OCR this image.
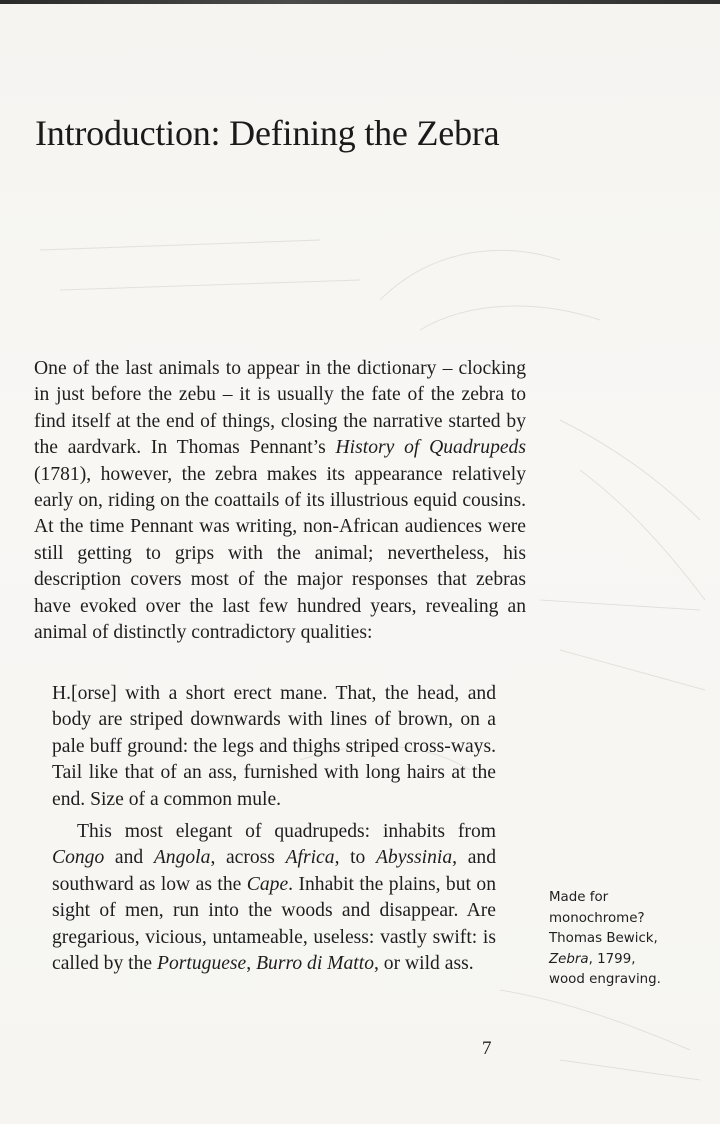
Introduction: Defining the Zebra

One of the last animals to appear in the dictionary – clocking in just before the zebu – it is usually the fate of the zebra to find itself at the end of things, closing the narrative started by the aardvark. In Thomas Pennant’s History of Quadrupeds (1781), however, the zebra makes its appearance relatively early on, riding on the coattails of its illustrious equid cousins. At the time Pennant was writing, non-African audiences were still getting to grips with the animal; nevertheless, his description covers most of the major responses that zebras have evoked over the last few hundred years, revealing an animal of distinctly contradictory qualities:

H.[orse] with a short erect mane. That, the head, and body are striped downwards with lines of brown, on a pale buff ground: the legs and thighs striped cross-ways. Tail like that of an ass, furnished with long hairs at the end. Size of a common mule.

This most elegant of quadrupeds: inhabits from Congo and Angola, across Africa, to Abyssinia, and southward as low as the Cape. Inhabit the plains, but on sight of men, run into the woods and disappear. Are gregarious, vicious, untameable, useless: vastly swift: is called by the Portuguese, Burro di Matto, or wild ass.

Made for
monochrome?
Thomas Bewick,
Zebra, 1799,
wood engraving.
7
